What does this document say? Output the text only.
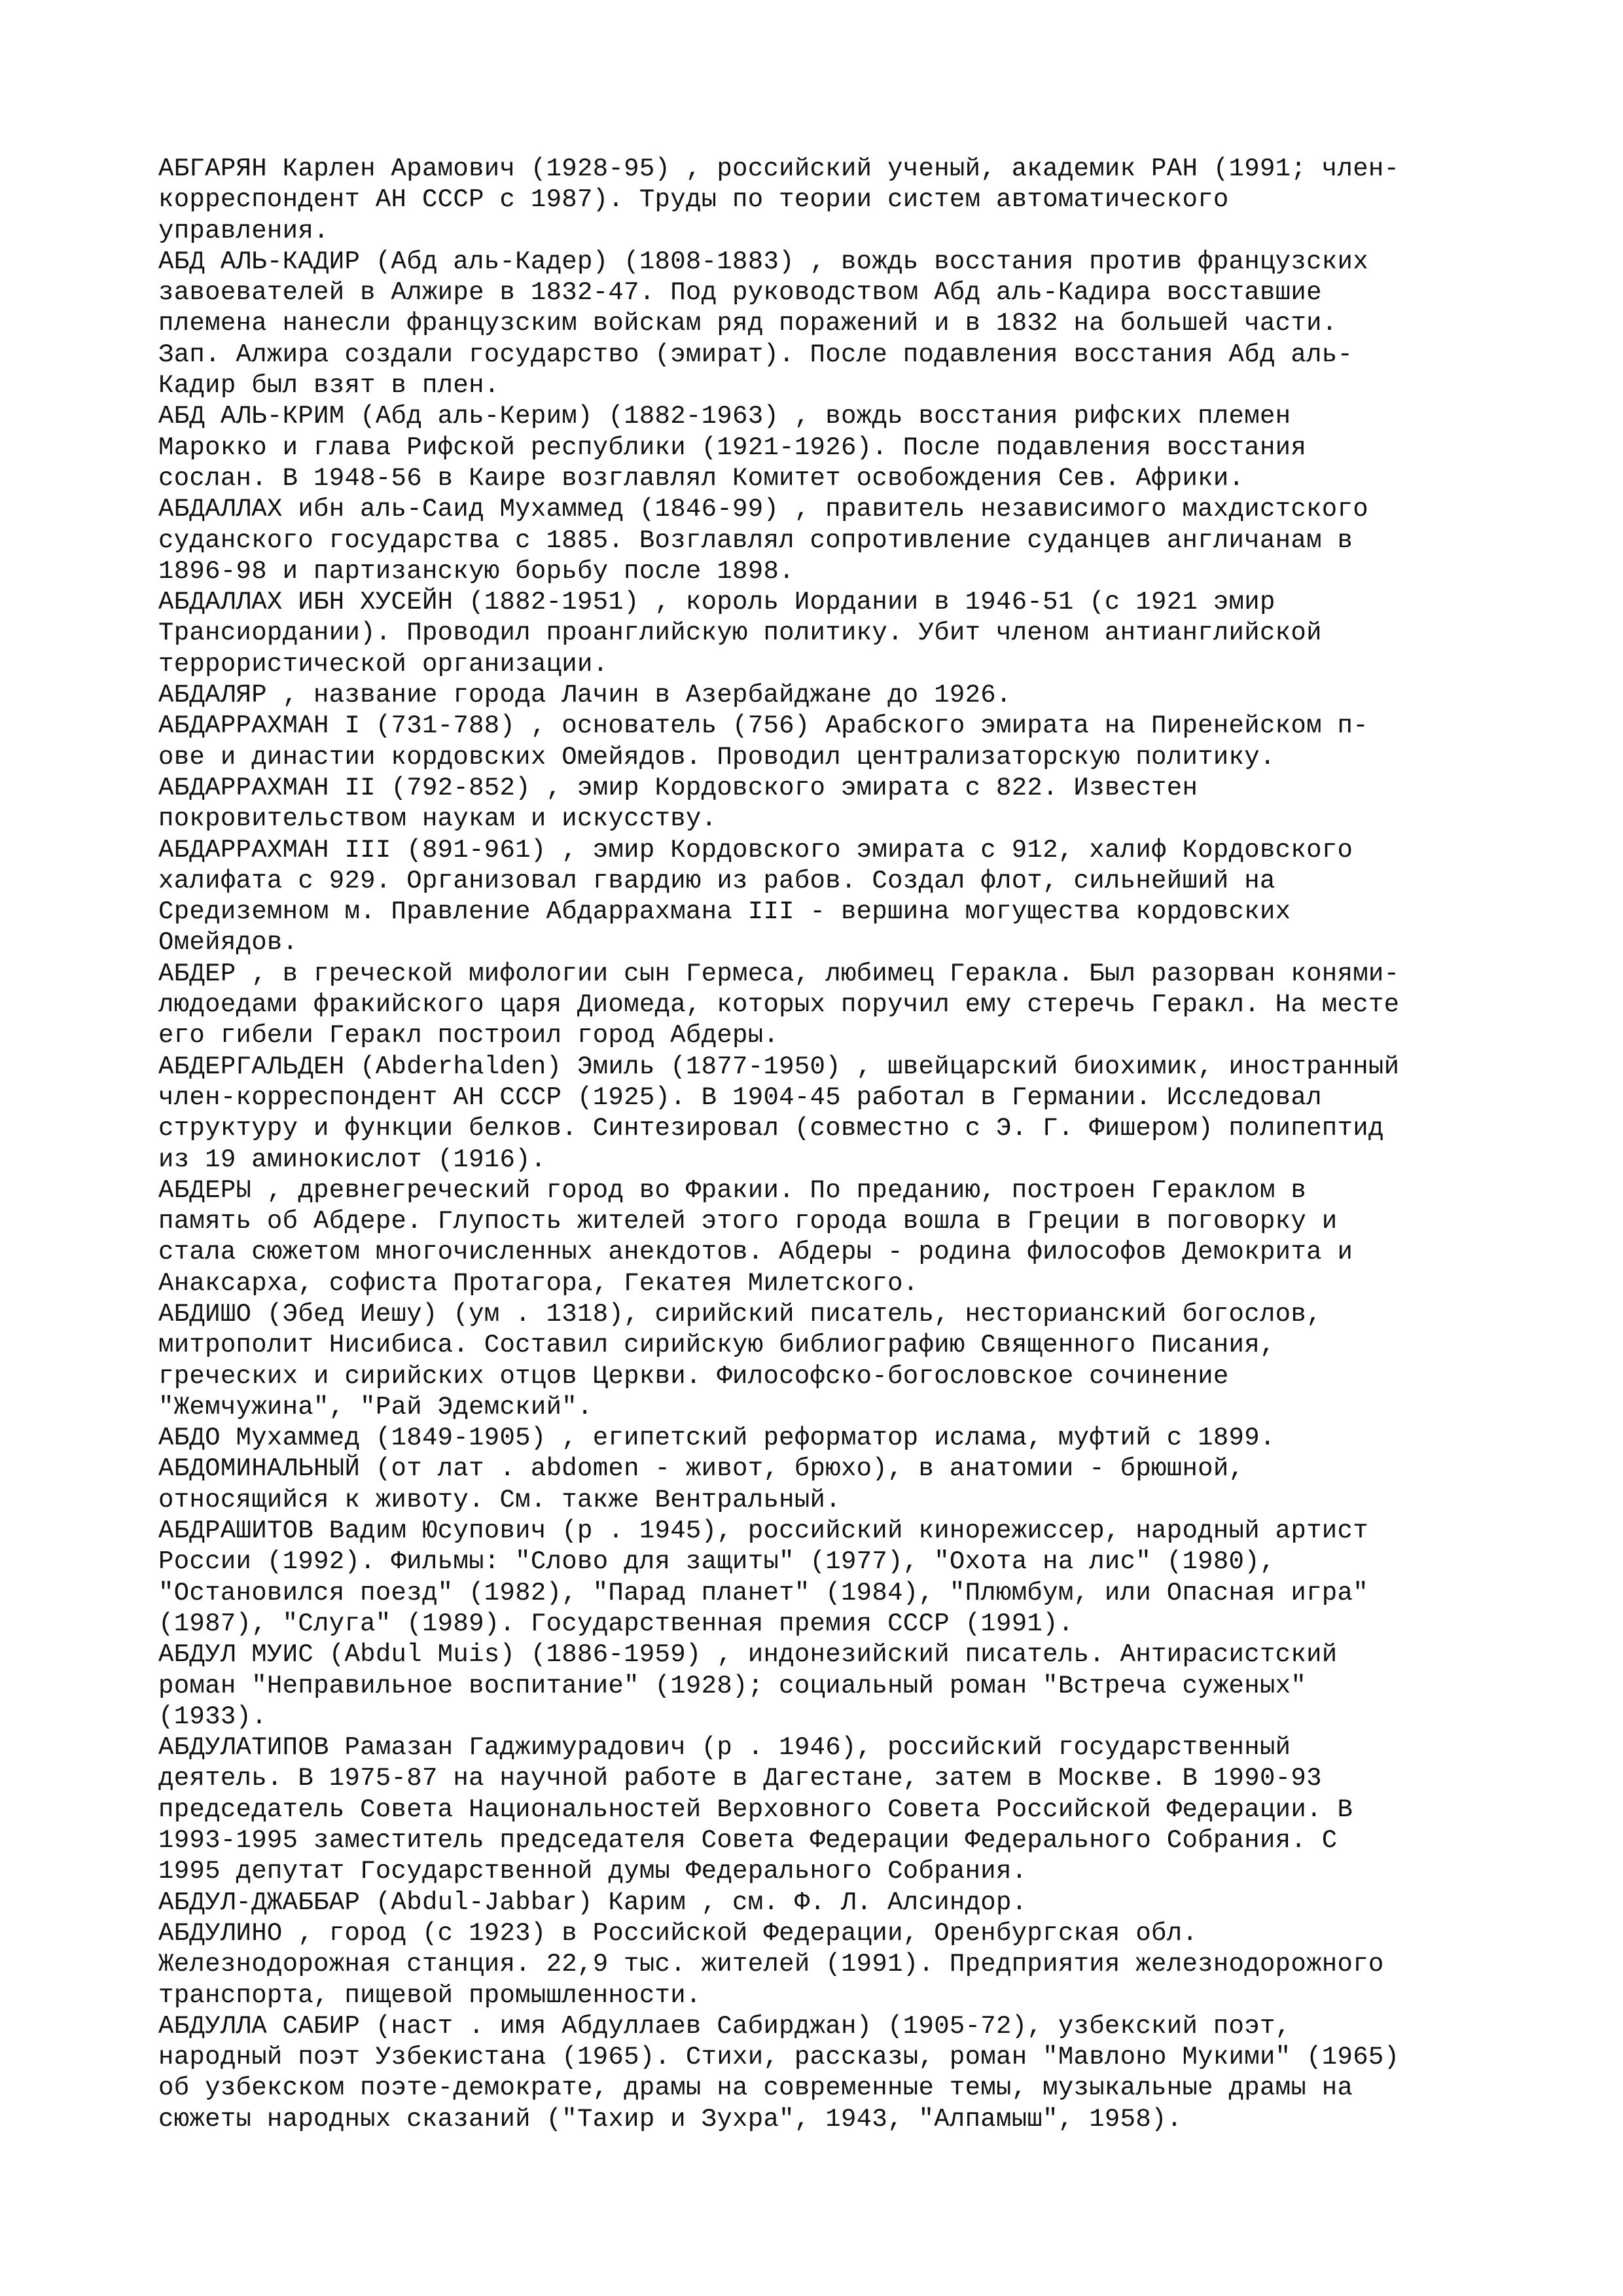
АБГАРЯН Карлен Арамович (1928-95) , российский ученый, академик РАН (1991; член-
корреспондент АН СССР с 1987). Труды по теории систем автоматического
управления.
АБД АЛЬ-КАДИР (Абд аль-Кадер) (1808-1883) , вождь восстания против французских
завоевателей в Алжире в 1832-47. Под руководством Абд аль-Кадира восставшие
племена нанесли французским войскам ряд поражений и в 1832 на большей части.
Зап. Алжира создали государство (эмират). После подавления восстания Абд аль-
Кадир был взят в плен.
АБД АЛЬ-КРИМ (Абд аль-Керим) (1882-1963) , вождь восстания рифских племен
Марокко и глава Рифской республики (1921-1926). После подавления восстания
сослан. В 1948-56 в Каире возглавлял Комитет освобождения Сев. Африки.
АБДАЛЛАХ ибн аль-Саид Мухаммед (1846-99) , правитель независимого махдистского
суданского государства с 1885. Возглавлял сопротивление суданцев англичанам в
1896-98 и партизанскую борьбу после 1898.
АБДАЛЛАХ ИБН ХУСЕЙН (1882-1951) , король Иордании в 1946-51 (с 1921 эмир
Трансиордании). Проводил проанглийскую политику. Убит членом антианглийской
террористической организации.
АБДАЛЯР , название города Лачин в Азербайджане до 1926.
АБДАРРАХМАН I (731-788) , основатель (756) Арабского эмирата на Пиренейском п-
ове и династии кордовских Омейядов. Проводил централизаторскую политику.
АБДАРРАХМАН II (792-852) , эмир Кордовского эмирата с 822. Известен
покровительством наукам и искусству.
АБДАРРАХМАН III (891-961) , эмир Кордовского эмирата с 912, халиф Кордовского
халифата с 929. Организовал гвардию из рабов. Создал флот, сильнейший на
Средиземном м. Правление Абдаррахмана III - вершина могущества кордовских
Омейядов.
АБДЕР , в греческой мифологии сын Гермеса, любимец Геракла. Был разорван конями-
людоедами фракийского царя Диомеда, которых поручил ему стеречь Геракл. На месте
его гибели Геракл построил город Абдеры.
АБДЕРГАЛЬДЕН (Abderhalden) Эмиль (1877-1950) , швейцарский биохимик, иностранный
член-корреспондент АН СССР (1925). В 1904-45 работал в Германии. Исследовал
структуру и функции белков. Синтезировал (совместно с Э. Г. Фишером) полипептид
из 19 аминокислот (1916).
АБДЕРЫ , древнегреческий город во Фракии. По преданию, построен Гераклом в
память об Абдере. Глупость жителей этого города вошла в Греции в поговорку и
стала сюжетом многочисленных анекдотов. Абдеры - родина философов Демокрита и
Анаксарха, софиста Протагора, Гекатея Милетского.
АБДИШО (Эбед Иешу) (ум . 1318), сирийский писатель, несторианский богослов,
митрополит Нисибиса. Составил сирийскую библиографию Священного Писания,
греческих и сирийских отцов Церкви. Философско-богословское сочинение
"Жемчужина", "Рай Эдемский".
АБДО Мухаммед (1849-1905) , египетский реформатор ислама, муфтий с 1899.
АБДОМИНАЛЬНЫЙ (от лат . abdomen - живот, брюхо), в анатомии - брюшной,
относящийся к животу. См. также Вентральный.
АБДРАШИТОВ Вадим Юсупович (р . 1945), российский кинорежиссер, народный артист
России (1992). Фильмы: "Слово для защиты" (1977), "Охота на лис" (1980),
"Остановился поезд" (1982), "Парад планет" (1984), "Плюмбум, или Опасная игра"
(1987), "Слуга" (1989). Государственная премия СССР (1991).
АБДУЛ МУИС (Abdul Muis) (1886-1959) , индонезийский писатель. Антирасистский
роман "Неправильное воспитание" (1928); социальный роман "Встреча суженых"
(1933).
АБДУЛАТИПОВ Рамазан Гаджимурадович (р . 1946), российский государственный
деятель. В 1975-87 на научной работе в Дагестане, затем в Москве. В 1990-93
председатель Совета Национальностей Верховного Совета Российской Федерации. В
1993-1995 заместитель председателя Совета Федерации Федерального Собрания. С
1995 депутат Государственной думы Федерального Собрания.
АБДУЛ-ДЖАББАР (Abdul-Jabbar) Карим , см. Ф. Л. Алсиндор.
АБДУЛИНО , город (с 1923) в Российской Федерации, Оренбургская обл.
Железнодорожная станция. 22,9 тыс. жителей (1991). Предприятия железнодорожного
транспорта, пищевой промышленности.
АБДУЛЛА САБИР (наст . имя Абдуллаев Сабирджан) (1905-72), узбекский поэт,
народный поэт Узбекистана (1965). Стихи, рассказы, роман "Мавлоно Мукими" (1965)
об узбекском поэте-демократе, драмы на современные темы, музыкальные драмы на
сюжеты народных сказаний ("Тахир и Зухра", 1943, "Алпамыш", 1958).
